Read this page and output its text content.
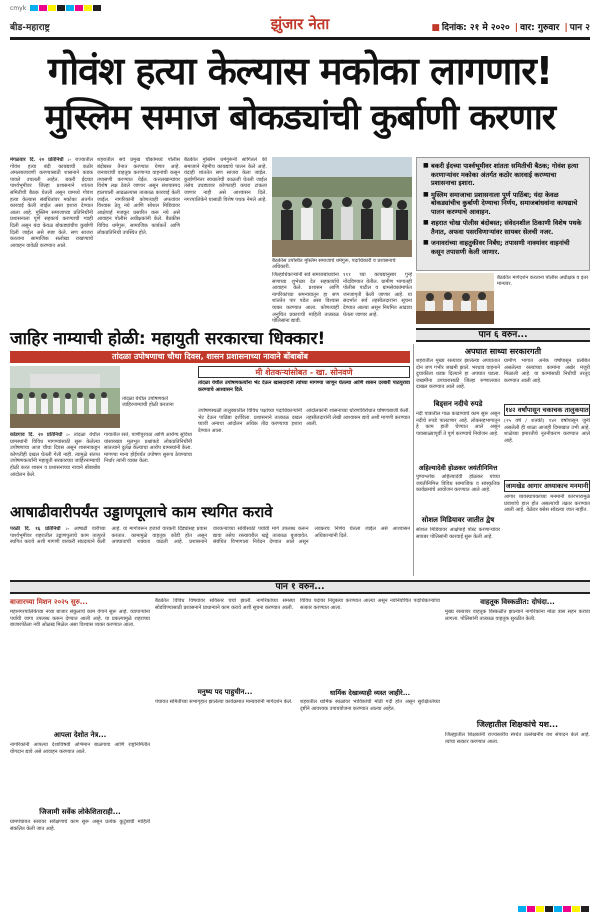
cmyk
बीड-महाराष्ट्र	झुंजार नेता	■ दिनांक: २१ मे २०२० | वार: गुरुवार | पान २
गोवंश हत्या केल्यास मकोका लागणार!
मुस्लिम समाज बोकड्यांची कुर्बाणी करणार
मंगळवार दि. २० प्रतिनिधी :- राज्यातील गोवंश हत्या बंदी कायद्याची कठोर अंमलबजावणी करण्यासाठी शासनाने कडक पावले उचलली आहेत. बकरी ईदच्या पार्श्वभूमीवर जिल्हा प्रशासनाने शांतता समितीची बैठक घेतली असून यामध्ये गोवंश हत्या केल्यास संबंधितांवर मकोका अंतर्गत कारवाई केली जाईल असा इशारा देण्यात आला आहे. मुस्लिम समाजाच्या प्रतिनिधींनी प्रशासनाला पूर्ण सहकार्य करण्याची ग्वाही दिली असून यंदा केवळ बोकड्यांचीच कुर्बाणी दिली जाईल असे स्पष्ट केले. सण साजरा करताना सामाजिक सलोखा राखण्याचे आवाहन यावेळी करण्यात आले.
शहरातील सर्व प्रमुख चौकांमध्ये पोलीस बंदोबस्त तैनात करण्यात येणार आहे. जनावरांची वाहतूक करणाऱ्या वाहनांची कसून तपासणी करण्यात येईल. कत्तलखान्यांवर विशेष लक्ष ठेवले जाणार असून संशयास्पद हालचाली आढळल्यास तात्काळ कारवाई केली जाईल. नागरिकांनी कोणत्याही अफवांवर विश्वास ठेवू नये आणि सोशल मिडियावर आक्षेपार्ह मजकूर प्रसारित करू नये असे आवाहन पोलीस अधीक्षकांनी केले. बैठकीस विविध धर्मगुरू, सामाजिक कार्यकर्ते आणि लोकप्रतिनिधी उपस्थित होते.
बैठकीत मुस्लिम धर्मगुरूंनी सांगितले की समाजाने नेहमीच कायद्याचे पालन केले आहे. यंदाही शांततेत सण साजरा केला जाईल. कुर्बाणीनंतर स्वच्छतेची काळजी घेतली जाईल तसेच उघड्यावर कोणताही कचरा टाकला जाणार नाही असे आश्वासन दिले. नगरपालिकेने यासाठी विशेष पथक नेमले आहे.
बैठकीस उपस्थित मुस्लिम समाजाचे धर्मगुरू, पदाधिकारी व प्रशासनाचे अधिकारी.
जिल्हाधिकाऱ्यांनी सर्व समाजबांधवांना सणाच्या शुभेच्छा देत सहकार्याचे आवाहन केले. प्रशासन आणि नागरिकांच्या समन्वयातून हा सण शांततेत पार पडेल असा विश्वास व्यक्त करण्यात आला. कोणत्याही अनुचित प्रकाराची माहिती तात्काळ पोलिसांना द्यावी.
१११ च्या कायद्यानुसार गुन्हे नोंदविण्यात येतील. ग्रामीण भागातही पोलीस पाटील व ग्रामसेवकांमार्फत जनजागृती केली जाणार आहे. या संदर्भात सर्व तहसीलदारांना सूचना देण्यात आल्या असून नियमित आढावा घेतला जाणार आहे.
■ बकरी ईदच्या पार्श्वभूमीवर शांतता समितीची बैठक; गोवंश हत्या करणाऱ्यांवर मकोका अंतर्गत कठोर कारवाई करण्याचा प्रशासनाचा इशारा.
■ मुस्लिम समाजाचा प्रशासनाला पूर्ण पाठिंबा; यंदा केवळ बोकड्यांचीच कुर्बाणी देण्याचा निर्णय, समाजबांधवांना कायद्याचे पालन करण्याचे आवाहन.
■ शहरात चोख पोलीस बंदोबस्त; संवेदनशील ठिकाणी विशेष पथके तैनात, अफवा पसरविणाऱ्यांवर सायबर सेलची नजर.
■ जनावरांच्या वाहतुकीवर निर्बंध; तपासणी नाक्यांवर वाहनांची कसून तपासणी केली जाणार.
बैठकीत मार्गदर्शन करताना पोलीस अधीक्षक व इतर मान्यवर.
पान ६ वरुन...
जाहिर नाम्याची होळी: महायुती सरकारचा धिक्कार!
तांदळा उपोषणाचा चौथा दिवस, शासन प्रशासनाच्या नावाने बोंबाबोंब
तांदळा येथील उपोषणकर्ते जाहिरनाम्याची होळी करताना
कोंडगाव दि. २० प्रतिनिधी :- तांदळा येथील ग्रामस्थांनी विविध मागण्यांसाठी सुरू केलेल्या उपोषणाचा आज चौथा दिवस असून शासनाकडून कोणतीही दखल घेतली गेली नाही. त्यामुळे संतप्त उपोषणकर्त्यांनी महायुती सरकारच्या जाहिरनाम्याची होळी करत शासन व प्रशासनाच्या नावाने बोंबाबोंब आंदोलन केले.
गावातील रस्ते, पाणीपुरवठा आणि आरोग्य सुविधा यांसारख्या मूलभूत प्रश्नांकडे लोकप्रतिनिधींनी सातत्याने दुर्लक्ष केल्याचा आरोप ग्रामस्थांनी केला. मागण्या मान्य होईपर्यंत उपोषण सुरूच ठेवण्याचा निर्धार त्यांनी व्यक्त केला.
मी शेतकऱ्यांसोबत - खा. सोनवणे
तांदळा येथील उपोषणकर्त्यांना भेट देऊन खासदारांनी त्यांच्या मागण्या जाणून घेतल्या आणि शासन दरबारी पाठपुरावा करण्याचे आश्वासन दिले.
उपोषणस्थळी तालुक्यातील विविध पक्षांच्या पदाधिकाऱ्यांनी भेट देऊन पाठिंबा दर्शविला. प्रशासनाने तात्काळ दखल घ्यावी अन्यथा आंदोलन अधिक तीव्र करण्याचा इशारा देण्यात आला.
आंदोलकांनी शासनाच्या धोरणांविरोधात घोषणाबाजी केली. तहसीलदारांनी लेखी आश्वासन द्यावे अशी मागणी करण्यात आली.
आषाढीवारीपर्यंत उड्डाणपूलाचे काम स्थगित करावे
परळी दि. १६ प्रतिनिधी :- आषाढी वारीच्या पार्श्वभूमीवर शहरातील उड्डाणपुलाचे काम तात्पुरते स्थगित करावे अशी मागणी वारकरी संप्रदायाने केली आहे. या मार्गावरून हजारो वारकरी दिंड्यांसह प्रवास करतात. कामामुळे वाहतूक कोंडी होत असून अपघाताची शक्यता वाढली आहे. प्रशासनाने वारकऱ्यांच्या सोयीसाठी पर्यायी मार्ग उपलब्ध करून द्यावा तसेच रस्त्यावरील खड्डे तात्काळ बुजवावेत. संबंधित विभागाला निवेदन देण्यात आले असून लवकरच निर्णय घेतला जाईल असे आश्वासन अधिकाऱ्यांनी दिले.
अपघात साथ्या सरकारगती
शहरातील मुख्य रस्त्यावर झालेल्या अपघातात दोन जण गंभीर जखमी झाले. भरधाव वाहनाने दुचाकीला धडक दिल्याने हा अपघात घडला. जखमींना उपचारासाठी जिल्हा रुग्णालयात दाखल करण्यात आले आहे.
बिड्सन नदीचे रुपडे
नदी पात्रातील गाळ काढण्याचे काम सुरू असून नदीचे रुपडे पालटणार आहे. लोकसहभागातून हे काम हाती घेण्यात आले असून पावसाळ्यापूर्वी ते पूर्ण करण्याचे नियोजन आहे.
अहिल्यादेवी होळकर जयंतीनिमित्त
पुण्यश्लोक अहिल्यादेवी होळकर यांच्या जयंतीनिमित्त विविध सामाजिक व सांस्कृतिक कार्यक्रमांचे आयोजन करण्यात आले आहे.
सोशल मिडियावर जातीत द्वेष
सोशल मिडियावर आक्षेपार्ह पोस्ट करणाऱ्यांवर सायबर पोलिसांनी कारवाई सुरू केली आहे.
ग्रामीण भागात अनेक वर्षांपासून प्रलंबित असलेल्या रस्त्यांच्या कामांना अखेर मंजुरी मिळाली आहे. या कामांसाठी निधीची तरतूद करण्यात आली आहे.
१४२ वर्षांपासून चकाचक तालुकयात
(२५ वर्षे / शतकी) १४२ वर्षांपासून जुनी असलेली ही शाळा आजही दिमाखात उभी आहे. शाळेच्या इमारतीचे नूतनीकरण करण्यात आले आहे.
जामखेड आगार अध्याकाच मनमानी
आगार व्यवस्थापकाच्या मनमानी कारभारामुळे प्रवाशांचे हाल होत असल्याची तक्रार करण्यात आली आहे. वेळेवर बसेस सोडल्या जात नाहीत.
पान १ वरुन...
बाजारच्या मिशन २०२५ सुरु...
महानगरपालिकेच्या नव्या बाजार संकुलाचे काम वेगाने सुरू आहे. व्यापाऱ्यांना पर्यायी जागा उपलब्ध करून देण्यात आली आहे. या प्रकल्पामुळे शहराच्या बाजारपेठेला नवी ओळख मिळेल असा विश्वास व्यक्त करण्यात आला.
आपला देशोत नेत्र...
नागरिकांनी आपल्या देशाविषयी अभिमान बाळगावा आणि राष्ट्रनिर्मितीत योगदान द्यावे असे आवाहन करण्यात आले.
जिजामी सर्वेक लोकेशिताराही...
ग्रामपंचायत स्तरावर सर्वेक्षणाचे काम सुरू असून प्रत्येक कुटुंबाची माहिती संकलित केली जात आहे.
बैठकीत विविध विषयांवर सविस्तर चर्चा झाली. नागरिकांच्या समस्या सोडविण्यासाठी प्रशासनाने प्राधान्याने काम करावे अशी सूचना करण्यात आली.
मनुष्य पद पाहुचीन...
पंचायत समितीच्या सभागृहात झालेल्या कार्यक्रमात मान्यवरांनी मार्गदर्शन केले.
विविध पदांवर नियुक्त्या करण्यात आल्या असून नवनिर्वाचित पदाधिकाऱ्यांचा सत्कार करण्यात आला.
धार्मिक देखाव्याही व्यस्त जाहीरे...
शहरातील धार्मिक स्थळांवर भाविकांची मोठी गर्दी होत असून सुरक्षिततेच्या दृष्टीने आवश्यक उपाययोजना करण्यात आल्या आहेत.
वाहतूक विस्कळीत: दोघंदा...
मुख्य रस्त्यावर वाहतूक विस्कळीत झाल्याने नागरिकांना मोठा त्रास सहन करावा लागला. पोलिसांनी तात्काळ वाहतूक सुरळीत केली.
जिल्हातील शिक्षकांचे यश...
जिल्ह्यातील शिक्षकांनी राज्यस्तरीय स्पर्धेत उल्लेखनीय यश संपादन केले आहे. त्यांचा सत्कार करण्यात आला.
